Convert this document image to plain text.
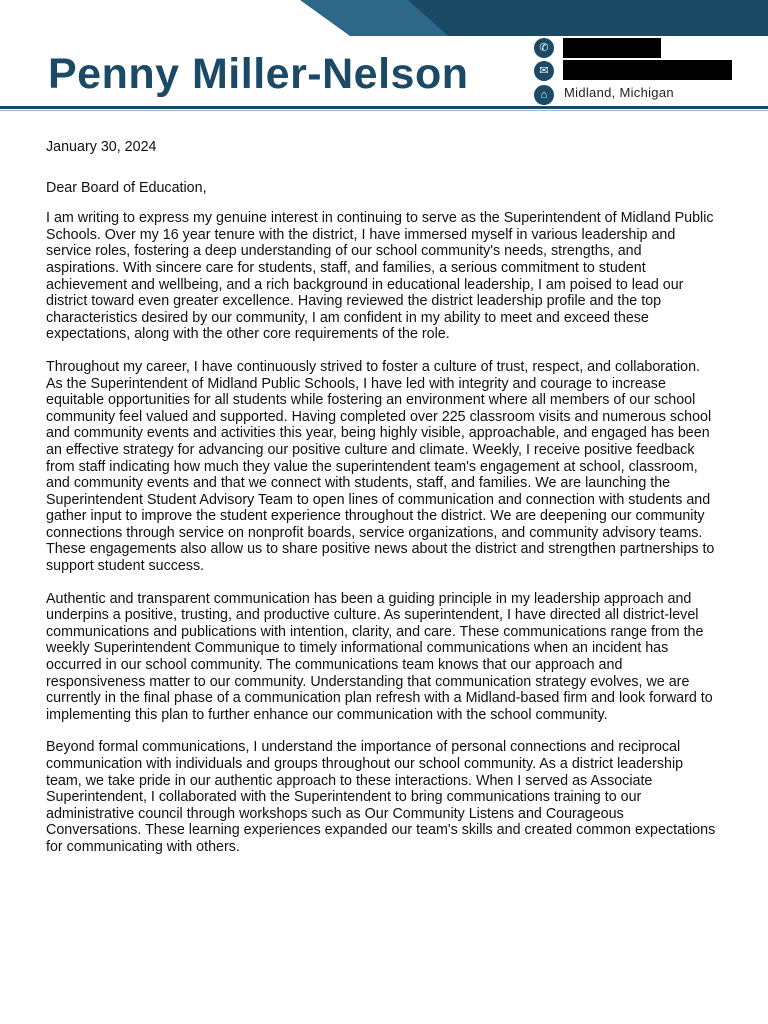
Penny Miller-Nelson
✆
✉
⌂	Midland, Michigan

January 30, 2024

Dear Board of Education,

I am writing to express my genuine interest in continuing to serve as the Superintendent of Midland Public Schools. Over my 16 year tenure with the district, I have immersed myself in various leadership and service roles, fostering a deep understanding of our school community's needs, strengths, and aspirations. With sincere care for students, staff, and families, a serious commitment to student achievement and wellbeing, and a rich background in educational leadership, I am poised to lead our district toward even greater excellence. Having reviewed the district leadership profile and the top characteristics desired by our community, I am confident in my ability to meet and exceed these expectations, along with the other core requirements of the role.

Throughout my career, I have continuously strived to foster a culture of trust, respect, and collaboration. As the Superintendent of Midland Public Schools, I have led with integrity and courage to increase equitable opportunities for all students while fostering an environment where all members of our school community feel valued and supported. Having completed over 225 classroom visits and numerous school and community events and activities this year, being highly visible, approachable, and engaged has been an effective strategy for advancing our positive culture and climate. Weekly, I receive positive feedback from staff indicating how much they value the superintendent team's engagement at school, classroom, and community events and that we connect with students, staff, and families. We are launching the Superintendent Student Advisory Team to open lines of communication and connection with students and gather input to improve the student experience throughout the district. We are deepening our community connections through service on nonprofit boards, service organizations, and community advisory teams. These engagements also allow us to share positive news about the district and strengthen partnerships to support student success.

Authentic and transparent communication has been a guiding principle in my leadership approach and underpins a positive, trusting, and productive culture. As superintendent, I have directed all district-level communications and publications with intention, clarity, and care. These communications range from the weekly Superintendent Communique to timely informational communications when an incident has occurred in our school community. The communications team knows that our approach and responsiveness matter to our community. Understanding that communication strategy evolves, we are currently in the final phase of a communication plan refresh with a Midland-based firm and look forward to implementing this plan to further enhance our communication with the school community.

Beyond formal communications, I understand the importance of personal connections and reciprocal communication with individuals and groups throughout our school community. As a district leadership team, we take pride in our authentic approach to these interactions. When I served as Associate Superintendent, I collaborated with the Superintendent to bring communications training to our administrative council through workshops such as Our Community Listens and Courageous Conversations. These learning experiences expanded our team's skills and created common expectations for communicating with others.
